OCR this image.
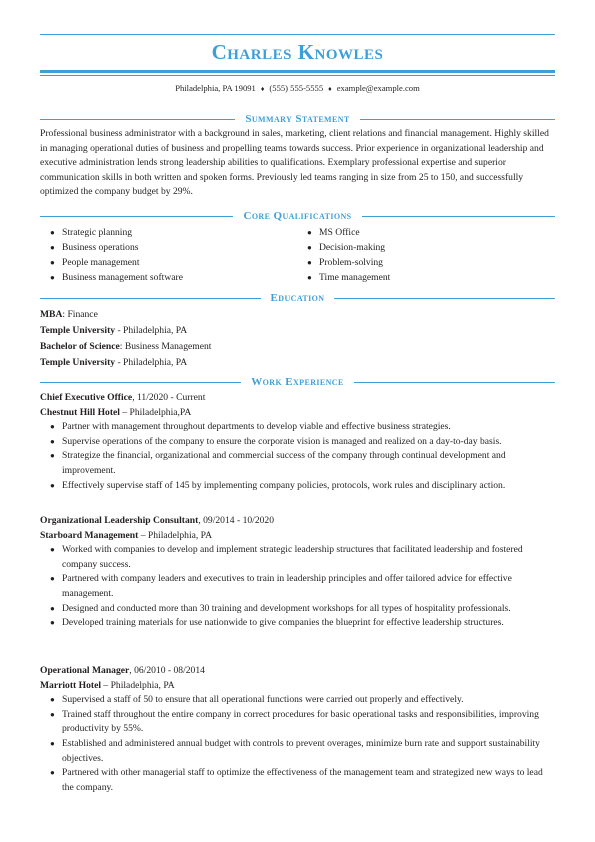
Charles Knowles
Philadelphia, PA 19091 ♦ (555) 555-5555 ♦ example@example.com
Summary Statement
Professional business administrator with a background in sales, marketing, client relations and financial management. Highly skilled in managing operational duties of business and propelling teams towards success. Prior experience in organizational leadership and executive administration lends strong leadership abilities to qualifications. Exemplary professional expertise and superior communication skills in both written and spoken forms. Previously led teams ranging in size from 25 to 150, and successfully optimized the company budget by 29%.
Core Qualifications
● Strategic planning
● Business operations
● People management
● Business management software
● MS Office
● Decision-making
● Problem-solving
● Time management
Education
MBA: Finance
Temple University - Philadelphia, PA
Bachelor of Science: Business Management
Temple University - Philadelphia, PA
Work Experience
Chief Executive Office, 11/2020 - Current
Chestnut Hill Hotel – Philadelphia,PA
● Partner with management throughout departments to develop viable and effective business strategies.
● Supervise operations of the company to ensure the corporate vision is managed and realized on a day-to-day basis.
● Strategize the financial, organizational and commercial success of the company through continual development and improvement.
● Effectively supervise staff of 145 by implementing company policies, protocols, work rules and disciplinary action.
Organizational Leadership Consultant, 09/2014 - 10/2020
Starboard Management – Philadelphia, PA
● Worked with companies to develop and implement strategic leadership structures that facilitated leadership and fostered company success.
● Partnered with company leaders and executives to train in leadership principles and offer tailored advice for effective management.
● Designed and conducted more than 30 training and development workshops for all types of hospitality professionals.
● Developed training materials for use nationwide to give companies the blueprint for effective leadership structures.
Operational Manager, 06/2010 - 08/2014
Marriott Hotel – Philadelphia, PA
● Supervised a staff of 50 to ensure that all operational functions were carried out properly and effectively.
● Trained staff throughout the entire company in correct procedures for basic operational tasks and responsibilities, improving productivity by 55%.
● Established and administered annual budget with controls to prevent overages, minimize burn rate and support sustainability objectives.
● Partnered with other managerial staff to optimize the effectiveness of the management team and strategized new ways to lead the company.
